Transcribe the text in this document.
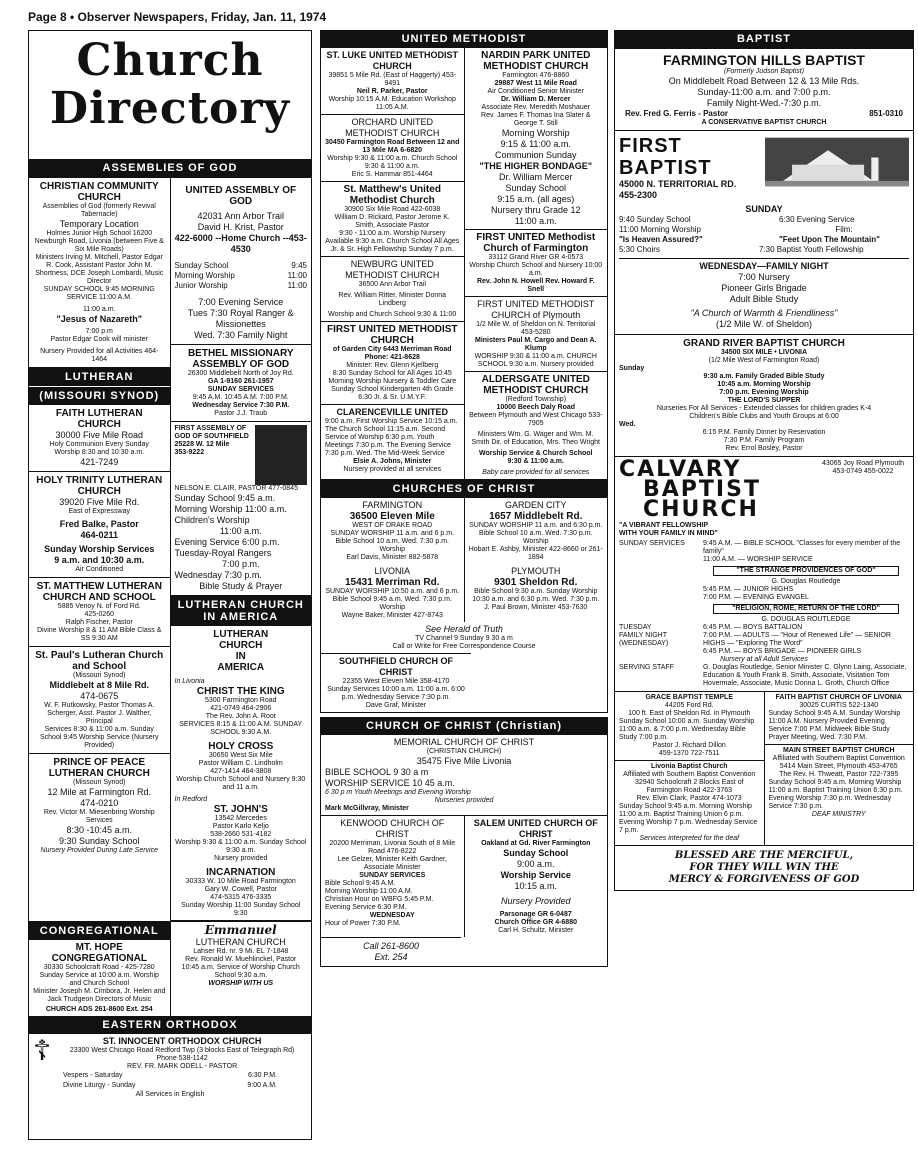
Page 8 • Observer Newspapers, Friday, Jan. 11, 1974
Church
Directory
ASSEMBLIES OF GOD
CHRISTIAN COMMUNITY CHURCH
Assemblies of God (formerly Revival Tabernacle)
Temporary Location
Holmes Junior High School 16200 Newburgh Road, Livonia (between Five & Six Mile Roads)
Ministers Irving M. Mitchell, Pastor Edgar R. Cook, Assistant Pastor John M. Shortness, DCE Joseph Lombardi, Music Director
SUNDAY SCHOOL 9:45 MORNING SERVICE 11:00 A.M.
11:00 a.m.
"Jesus of Nazareth"
7:00 p.m
Pastor Edgar Cook will minister
Nursery Provided for all Activities 464-1464
LUTHERAN
(MISSOURI SYNOD)
FAITH LUTHERAN CHURCH
30000 Five Mile Road
Holy Communion Every Sunday
Worship 8:30 and 10:30 a.m.
421-7249
HOLY TRINITY LUTHERAN CHURCH
39020 Five Mile Rd.
East of Expressway
Fred Balke, Pastor
464-0211
Sunday Worship Services
9 a.m. and 10:30 a.m.
Air Conditioned
ST. MATTHEW LUTHERAN CHURCH AND SCHOOL
5885 Venoy N. of Ford Rd.
425-0260
Ralph Fischer, Pastor
Divine Worship 8 & 11 AM Bible Class & SS 9:30 AM
St. Paul's Lutheran Church and School
(Missouri Synod)
Middlebelt at 8 Mile Rd.
474-0675
W. F. Rutkowsky, Pastor Thomas A. Scherger, Asst. Pastor J. Walther, Principal
Services 8:30 & 11:00 a.m. Sunday School 9:45 Worship Service (Nursery Provided)
PRINCE OF PEACE LUTHERAN CHURCH
(Missouri Synod)
12 Mile at Farmington Rd.
474-0210
Rev. Victor M. Miesenbring Worship Services
8:30 -10:45 a.m.
9:30 Sunday School
Nursery Provided During Late Service
UNITED ASSEMBLY OF GOD
42031 Ann Arbor Trail
David H. Krist, Pastor
422-6000 --Home Church --453-4530
Sunday School	9:45
Morning Worship	11:00
Junior Worship	11:00
7:00 Evening Service
Tues 7:30 Royal Ranger & Missionettes
Wed. 7:30 Family Night
BETHEL MISSIONARY ASSEMBLY OF GOD
26300 Middlebelt North of Joy Rd.
GA 1-9160 261-1957
SUNDAY SERVICES
9:45 A.M. 10:45 A.M. 7:00 P.M.
Wednesday Service 7:30 P.M.
Pastor J.J. Traub
FIRST ASSEMBLY OF GOD OF SOUTHFIELD
25228 W. 12 Mile
353-9222
NELSON E. CLAIR, PASTOR 477-0845
Sunday School 9:45 a.m.
Morning Worship 11:00 a.m.
Children's Worship
11:00 a.m.
Evening Service 6:00 p.m.
Tuesday-Royal Rangers
7:00 p.m.
Wednesday 7:30 p.m.
Bible Study & Prayer
LUTHERAN CHURCH IN AMERICA
LUTHERAN
CHURCH
IN
AMERICA
In Livonia
CHRIST THE KING
5300 Farmington Road
421-0749 464-2906
The Rev. John A. Root
SERVICES 8:15 & 11:00 A.M. SUNDAY SCHOOL 9:30 A.M.
HOLY CROSS
30650 West Six Mile
Pastor William C. Lindholm
427-1414 464-3808
Worship Church School and Nursery 9:30 and 11 a.m.
In Redford
ST. JOHN'S
13542 Mercedes
Pastor Karlo Keljo
538-2660 531-4182
Worship 9:30 & 11:00 a.m. Sunday School 9:30 a.m.
Nursery provided
INCARNATION
30333 W. 10 Mile Road Farmington
Gary W. Cowell, Pastor
474-5315 476-3335
Sunday Worship 11:00 Sunday School 9:30
CONGREGATIONAL
MT. HOPE CONGREGATIONAL
30330 Schoolcraft Road - 425-7280
Sunday Service at 10:00 a.m. Worship and Church School
Minister Joseph M. Cimbora, Jr. Helen and Jack Trudgeon Directors of Music
CHURCH ADS 261-8600 Ext. 254
Emmanuel
LUTHERAN CHURCH
Lahser Rd. nr. 9 Mi. EL 7-1848
Rev. Ronald W. Muehlinckel, Pastor
10:45 a.m. Service of Worship Church School 9:30 a.m.
WORSHIP WITH US
EASTERN ORTHODOX
☦	ST. INNOCENT ORTHODOX CHURCH
23300 West Chicago Road Redford Twp (3 blocks East of Telegraph Rd)
Phone 538-1142
REV. FR. MARK ODELL - PASTOR
Vespers - Saturday	6:30 P.M.
Divine Liturgy - Sunday	9:00 A.M.
All Services in English
UNITED METHODIST
ST. LUKE UNITED METHODIST CHURCH
39851 5 Mile Rd. (East of Haggerty) 453-9491
Neil R. Parker, Pastor
Worship 10:15 A.M. Education Workshop 11:05 A.M.
ORCHARD UNITED METHODIST CHURCH
30450 Farmington Road Between 12 and 13 Mile MA 6-6820
Worship 9:30 & 11:00 a.m. Church School 9:30 & 11:00 a.m.
Eric S. Hammar 851-4464
St. Matthew's United Methodist Church
30900 Six Mile Road 422-6038
William D. Rickard, Pastor Jerome K. Smith, Associate Pastor
9:30 - 11:00 a.m. Worship Nursery Available 9:30 a.m. Church School All Ages Jr. & Sr. High Fellowship Sunday 7 p.m.
NEWBURG UNITED METHODIST CHURCH
36500 Ann Arbor Trail
Rev. William Ritter, Minister Donna Lindberg
Worship and Church School 9:30 & 11:00
FIRST UNITED METHODIST CHURCH
of Garden City 6443 Merriman Road
Phone: 421-8628
Minister: Rev. Glenn Kjellberg
8:30 Sunday School for All Ages 10:45 Morning Worship Nursery & Toddler Care Sunday School Kindergarten 4th Grade 6:30 Jr. & Sr. U.M.Y.F.
CLARENCEVILLE UNITED
9:00 a.m. First Worship Service 10:15 a.m. The Church School 11:15 a.m. Second Service of Worship 6:30 p.m. Youth Meetings 7:30 p.m. The Evening Service 7:30 p.m. Wed. The Mid-Week Service
Elsie A. Johns, Minister
Nursery provided at all services
NARDIN PARK UNITED METHODIST CHURCH
Farmington 476-8860
29887 West 11 Mile Road
Air Conditioned Senior Minister
Dr. William D. Mercer
Associate Rev. Meredith Moshauer
Rev. James F. Thomas Ina Slater & George T. Still
Morning Worship
9:15 & 11:00 a.m.
Communion Sunday
"THE HIGHER BONDAGE"
Dr. William Mercer
Sunday School
9:15 a.m. (all ages)
Nursery thru Grade 12
11:00 a.m.
FIRST UNITED Methodist Church of Farmington
33112 Grand River GR 4-0573
Worship Church School and Nursery 10:00 a.m.
Rev. John N. Howell Rev. Howard F. Snell
FIRST UNITED METHODIST CHURCH of Plymouth
1/2 Mile W. of Sheldon on N. Territorial 453-5280
Ministers Paul M. Cargo and Dean A. Klump
WORSHIP 9:30 & 11:00 a.m. CHURCH SCHOOL 9:30 a.m. Nursery provided
ALDERSGATE UNITED METHODIST CHURCH
(Redford Township)
10000 Beech Daly Road
Between Plymouth and West Chicago 533-7905
Ministers Wm. G. Wager and Wm. M. Smith Dir. of Education, Mrs. Theo Wright
Worship Service & Church School
9:30 & 11:00 a.m.
Baby care provided for all services
CHURCHES OF CHRIST
FARMINGTON
36500 Eleven Mile
WEST OF DRAKE ROAD
SUNDAY WORSHIP 11 a.m. and 6 p.m. Bible School 10 a.m. Wed. 7:30 p.m. Worship
Earl Davis, Minister 882-5878
LIVONIA
15431 Merriman Rd.
SUNDAY WORSHIP 10:50 a.m. and 6 p.m. Bible School 9:45 a.m. Wed. 7:30 p.m. Worship
Wayne Baker, Minister 427-8743
GARDEN CITY
1657 Middlebelt Rd.
SUNDAY WORSHIP 11 a.m. and 6:30 p.m. Bible School 10 a.m. Wed. 7:30 p.m. Worship
Hobart E. Ashby, Minister 422-8660 or 261-1894
PLYMOUTH
9301 Sheldon Rd.
Bible School 9:30 a.m. Sunday Worship 10:30 a.m. and 6:30 p.m. Wed. 7:30 p.m.
J. Paul Brown, Minister 453-7630
See Herald of Truth
TV Channel 9 Sunday 9 30 a m
Call or Write for Free Correspondence Course
SOUTHFIELD CHURCH OF CHRIST
22355 West Eleven Mile 358-4170
Sunday Services 10:00 a.m. 11:00 a.m. 6:00 p.m. Wednesday Service 7:30 p.m.
Dave Graf, Minister
CHURCH OF CHRIST (Christian)
MEMORIAL CHURCH OF CHRIST
(CHRISTIAN CHURCH)
35475 Five Mile Livonia
BIBLE SCHOOL 9 30 a m
WORSHIP SERVICE 10 45 a.m.
6 30 p m Youth Meetings and Evening Worship
Nurseries provided
Mark McGillvray, Minister
KENWOOD CHURCH OF CHRIST
20200 Merriman, Livonia South of 8 Mile Road 476-8222
Lee Gelzer, Minister Keith Gardner, Associate Minister
SUNDAY SERVICES
Bible School 9:45 A.M.
Morning Worship 11:00 A.M.
Christian Hour on WBFG 5:45 P.M.
Evening Service 6:30 P.M.
WEDNESDAY
Hour of Power 7:30 P.M.
SALEM UNITED CHURCH OF CHRIST
Oakland at Gd. River Farmington
Sunday School
9:00 a.m.
Worship Service
10:15 a.m.
Nursery Provided
Parsonage GR 6-0487
Church Office GR 4-6880
Carl H. Schultz, Minister
Call 261-8600
Ext. 254
BAPTIST
FARMINGTON HILLS BAPTIST
(Formerly Judson Baptist)
On Middlebelt Road Between 12 & 13 Mile Rds.
Sunday-11:00 a.m. and 7:00 p.m.
Family Night-Wed.-7:30 p.m.
Rev. Fred G. Ferris - Pastor	851-0310
A CONSERVATIVE BAPTIST CHURCH
FIRST BAPTIST
45000 N. TERRITORIAL RD.
455-2300
SUNDAY
9:40 Sunday School	6:30 Evening Service
11:00 Morning Worship	Film:
"Is Heaven Assured?"	"Feet Upon The Mountain"
5:30 Choirs	7:30 Baptist Youth Fellowship
WEDNESDAY—FAMILY NIGHT
7:00 Nursery
Pioneer Girls Brigade
Adult Bible Study
"A Church of Warmth & Friendliness"
(1/2 Mile W. of Sheldon)
GRAND RIVER BAPTIST CHURCH
34500 SIX MILE • LIVONIA
(1/2 Mile West of Farmington Road)
Sunday
9:30 a.m. Family Graded Bible Study
10:45 a.m. Morning Worship
7:00 p.m. Evening Worship
THE LORD'S SUPPER
Nurseries For All Services - Extended classes for children grades K-4
Children's Bible Clubs and Youth Groups at 6:00
Wed.
6:15 P.M. Family Dinner by Reservation
7:30 P.M. Family Program
Rev. Errol Bosley, Pastor
CALVARY
BAPTIST
CHURCH
43065 Joy Road Plymouth
453-0749 455-0022
"A VIBRANT FELLOWSHIP WITH YOUR FAMILY IN MIND"
SUNDAY SERVICES	9:45 A.M. — BIBLE SCHOOL "Classes for every member of the family"
11:00 A.M. — WORSHIP SERVICE
"THE STRANGE PROVIDENCES OF GOD"
G. Douglas Routledge
5:45 P.M. — JUNIOR HIGHS
7:00 P.M. — EVENING EVANGEL
"RELIGION, ROME, RETURN OF THE LORD"
G. DOUGLAS ROUTLEDGE
TUESDAY	6:45 P.M. — BOYS BATTALION
FAMILY NIGHT (WEDNESDAY)
7:00 P.M. — ADULTS — "Hour of Renewed Life" — SENIOR HIGHS — "Exploring The Word"
6:45 P.M. — BOYS BRIGADE — PIONEER GIRLS
Nursery at all Adult Services
SERVING STAFF	G. Douglas Routledge, Senior Minister C. Glynn Laing, Associate, Education & Youth Frank B. Smith, Associate, Visitation Tom Hovermale, Associate, Music Donna L. Groth, Church Office
GRACE BAPTIST TEMPLE
44205 Ford Rd.
100 ft. East of Sheldon Rd. in Plymouth
Sunday School 10:00 a.m. Sunday Worship 11:00 a.m. & 7:00 p.m. Wednesday Bible Study 7:00 p.m.
Pastor J. Richard Dillon
459-1370 722-7511
Livonia Baptist Church
Affiliated with Southern Baptist Convention
32940 Schoolcraft 2 Blocks East of Farmington Road 422-3763
Rev. Elvin Clark, Pastor 474-1073
Sunday School 9:45 a.m. Morning Worship 11:00 a.m. Baptist Training Union 6 p.m. Evening Worship 7 p.m. Wednesday Service 7 p.m.
Services interpreted for the deaf
FAITH BAPTIST CHURCH OF LIVONIA
30025 CURTIS 522-1340
Sunday School 9:45 A.M. Sunday Worship 11:00 A.M. Nursery Provided Evening Service 7:00 P.M. Midweek Bible Study Prayer Meeting, Wed. 7:30 P.M.
MAIN STREET BAPTIST CHURCH
Affiliated with Southern Baptist Convention 5414 Main Street, Plymouth 453-4765
The Rev. H. Thweatt, Pastor 722-7395
Sunday School 9:45 a.m. Morning Worship 11:00 a.m. Baptist Training Union 6:30 p.m. Evening Worship 7:30 p.m. Wednesday Service 7:30 p.m.
DEAF MINISTRY
BLESSED ARE THE MERCIFUL,
FOR THEY WILL WIN THE
MERCY & FORGIVENESS OF GOD
